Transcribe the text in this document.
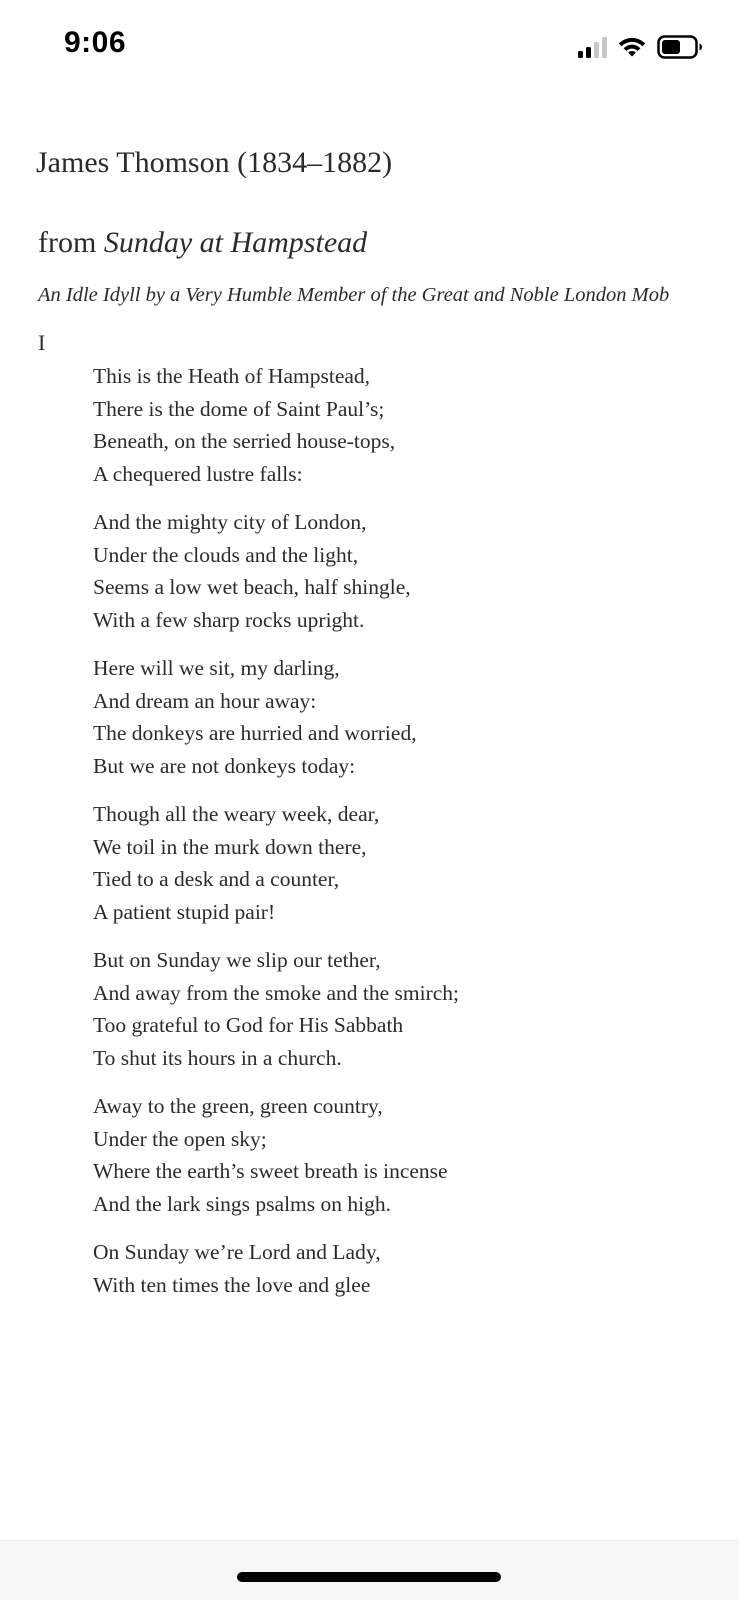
9:06
James Thomson (1834–1882)
from Sunday at Hampstead
An Idle Idyll by a Very Humble Member of the Great and Noble London Mob
I
This is the Heath of Hampstead,
There is the dome of Saint Paul’s;
Beneath, on the serried house-tops,
A chequered lustre falls:
And the mighty city of London,
Under the clouds and the light,
Seems a low wet beach, half shingle,
With a few sharp rocks upright.
Here will we sit, my darling,
And dream an hour away:
The donkeys are hurried and worried,
But we are not donkeys today:
Though all the weary week, dear,
We toil in the murk down there,
Tied to a desk and a counter,
A patient stupid pair!
But on Sunday we slip our tether,
And away from the smoke and the smirch;
Too grateful to God for His Sabbath
To shut its hours in a church.
Away to the green, green country,
Under the open sky;
Where the earth’s sweet breath is incense
And the lark sings psalms on high.
On Sunday we’re Lord and Lady,
With ten times the love and glee
